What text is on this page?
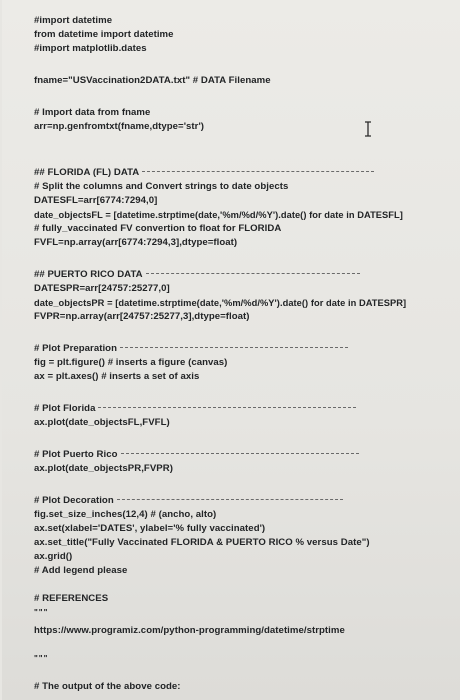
#import datetime
from datetime import datetime
#import matplotlib.dates
fname="USVaccination2DATA.txt" # DATA Filename
# Import data from fname
arr=np.genfromtxt(fname,dtype='str')
## FLORIDA (FL) DATA
# Split the columns and Convert strings to date objects
DATESFL=arr[6774:7294,0]
date_objectsFL = [datetime.strptime(date,'%m/%d/%Y').date() for date in DATESFL]
# fully_vaccinated FV convertion to float for FLORIDA
FVFL=np.array(arr[6774:7294,3],dtype=float)
## PUERTO RICO DATA
DATESPR=arr[24757:25277,0]
date_objectsPR = [datetime.strptime(date,'%m/%d/%Y').date() for date in DATESPR]
FVPR=np.array(arr[24757:25277,3],dtype=float)
# Plot Preparation
fig = plt.figure() # inserts a figure (canvas)
ax = plt.axes() # inserts a set of axis
# Plot Florida
ax.plot(date_objectsFL,FVFL)
# Plot Puerto Rico
ax.plot(date_objectsPR,FVPR)
# Plot Decoration
fig.set_size_inches(12,4) # (ancho, alto)
ax.set(xlabel='DATES', ylabel='% fully vaccinated')
ax.set_title("Fully Vaccinated FLORIDA & PUERTO RICO % versus Date")
ax.grid()
# Add legend please
# REFERENCES
"""
https://www.programiz.com/python-programming/datetime/strptime
"""
# The output of the above code:
